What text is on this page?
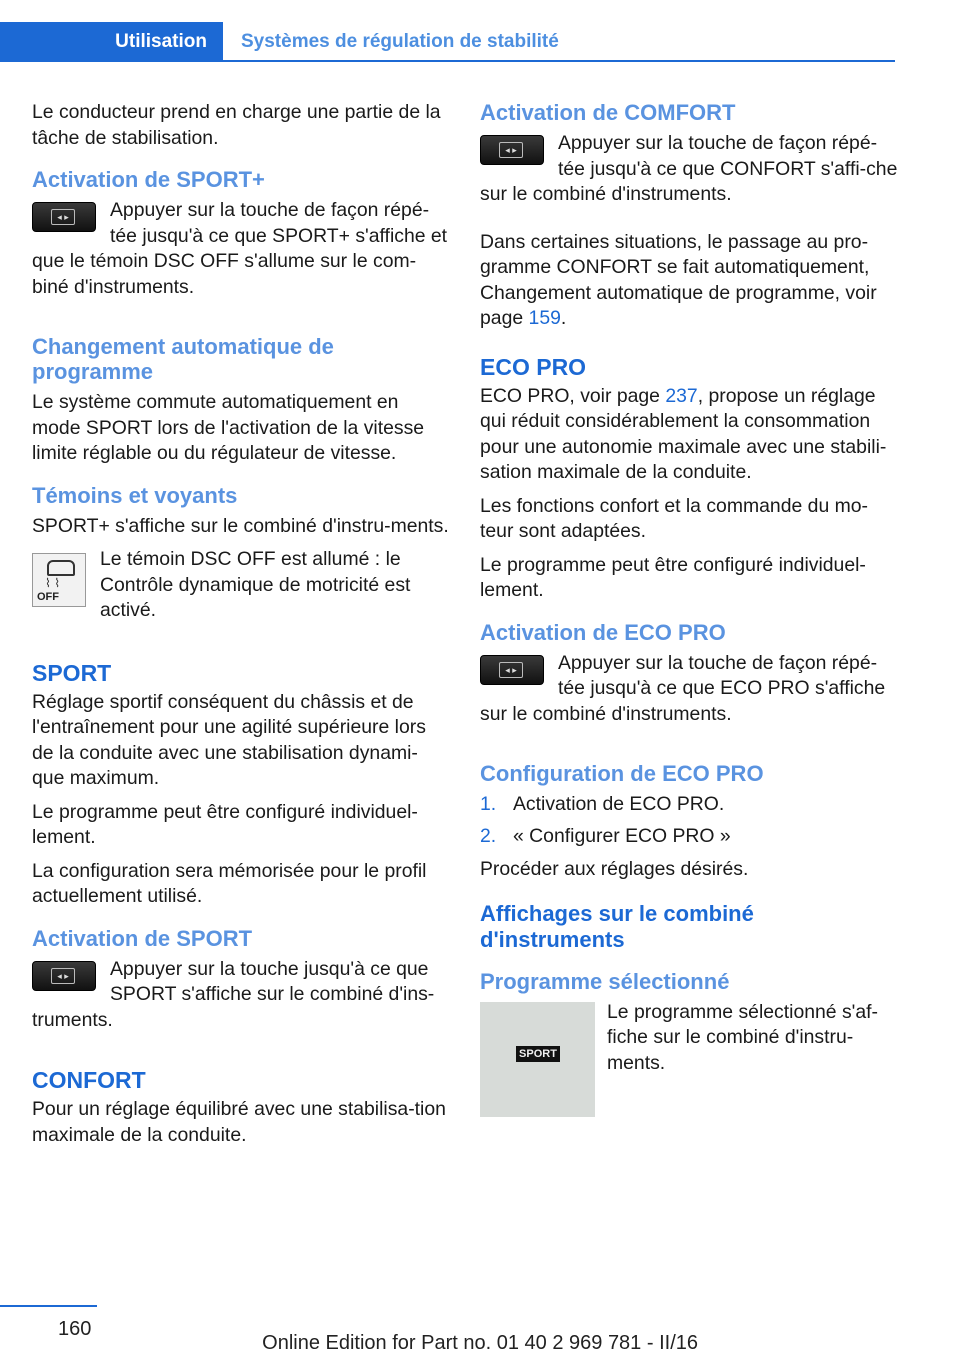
Utilisation Systèmes de régulation de stabilité

Le conducteur prend en charge une partie de la tâche de stabilisation.

Activation de SPORT+
◂ ▸	Appuyer sur la touche de façon répé‐tée jusqu'à ce que SPORT+ s'affiche et que le témoin DSC OFF s'allume sur le com‐biné d'instruments.

Changement automatique de programme

Le système commute automatiquement en mode SPORT lors de l'activation de la vitesse limite réglable ou du régulateur de vitesse.

Témoins et voyants

SPORT+ s'affiche sur le combiné d'instru‐ments.

⌇ ⌇
OFF

Le témoin DSC OFF est allumé : le Contrôle dynamique de motricité est activé.

SPORT

Réglage sportif conséquent du châssis et de l'entraînement pour une agilité supérieure lors de la conduite avec une stabilisation dynami‐que maximum.

Le programme peut être configuré individuel‐lement.

La configuration sera mémorisée pour le profil actuellement utilisé.

Activation de SPORT
◂ ▸	Appuyer sur la touche jusqu'à ce que SPORT s'affiche sur le combiné d'ins‐truments.

CONFORT

Pour un réglage équilibré avec une stabilisa‐tion maximale de la conduite.

Activation de COMFORT
◂ ▸	Appuyer sur la touche de façon répé‐tée jusqu'à ce que CONFORT s'affi‐che sur le combiné d'instruments.

Dans certaines situations, le passage au pro‐gramme CONFORT se fait automatiquement, Changement automatique de programme, voir page 159.

ECO PRO

ECO PRO, voir page 237, propose un réglage qui réduit considérablement la consommation pour une autonomie maximale avec une stabili‐sation maximale de la conduite.

Les fonctions confort et la commande du mo‐teur sont adaptées.

Le programme peut être configuré individuel‐lement.

Activation de ECO PRO
◂ ▸	Appuyer sur la touche de façon répé‐tée jusqu'à ce que ECO PRO s'affiche sur le combiné d'instruments.

Configuration de ECO PRO
1. Activation de ECO PRO.
2. « Configurer ECO PRO »

Procéder aux réglages désirés.

Affichages sur le combiné d'instruments
Programme sélectionné
SPORT

Le programme sélectionné s'af‐fiche sur le combiné d'instru‐ments.

160
Online Edition for Part no. 01 40 2 969 781 - II/16
